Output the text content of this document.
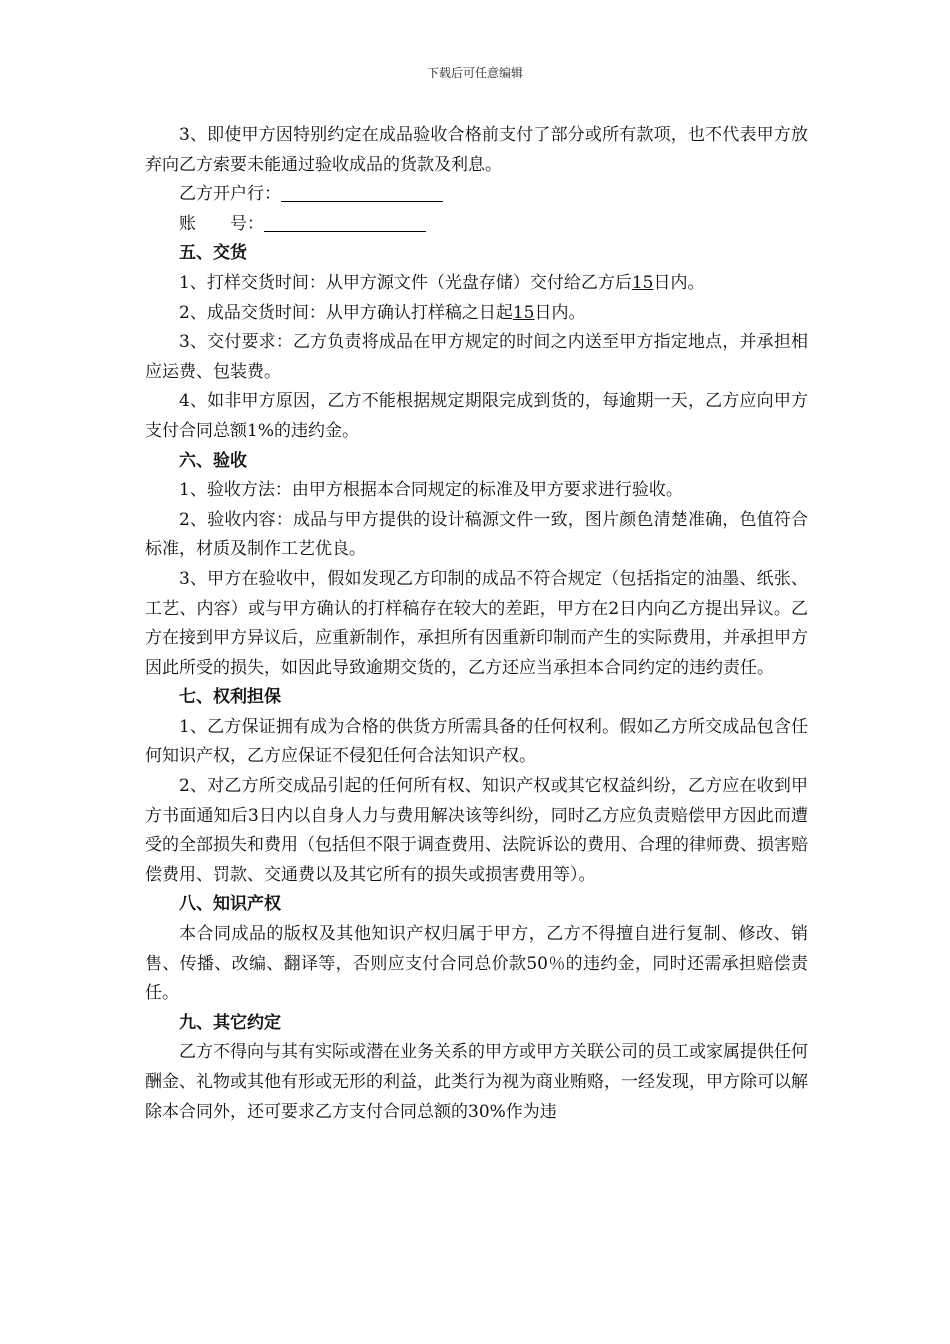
下载后可任意编辑

3、即使甲方因特别约定在成品验收合格前支付了部分或所有款项，也不代表甲方放弃向乙方索要未能通过验收成品的货款及利息。

乙方开户行：

账　　号：

五、交货

1、打样交货时间：从甲方源文件（光盘存储）交付给乙方后15日内。

2、成品交货时间：从甲方确认打样稿之日起15日内。

3、交付要求：乙方负责将成品在甲方规定的时间之内送至甲方指定地点，并承担相应运费、包装费。

4、如非甲方原因，乙方不能根据规定期限完成到货的，每逾期一天，乙方应向甲方支付合同总额1%的违约金。

六、验收

1、验收方法：由甲方根据本合同规定的标准及甲方要求进行验收。

2、验收内容：成品与甲方提供的设计稿源文件一致，图片颜色清楚准确，色值符合标准，材质及制作工艺优良。

3、甲方在验收中，假如发现乙方印制的成品不符合规定（包括指定的油墨、纸张、工艺、内容）或与甲方确认的打样稿存在较大的差距，甲方在2日内向乙方提出异议。乙方在接到甲方异议后，应重新制作，承担所有因重新印制而产生的实际费用，并承担甲方因此所受的损失，如因此导致逾期交货的，乙方还应当承担本合同约定的违约责任。

七、权利担保

1、乙方保证拥有成为合格的供货方所需具备的任何权利。假如乙方所交成品包含任何知识产权，乙方应保证不侵犯任何合法知识产权。

2、对乙方所交成品引起的任何所有权、知识产权或其它权益纠纷，乙方应在收到甲方书面通知后3日内以自身人力与费用解决该等纠纷，同时乙方应负责赔偿甲方因此而遭受的全部损失和费用（包括但不限于调查费用、法院诉讼的费用、合理的律师费、损害赔偿费用、罚款、交通费以及其它所有的损失或损害费用等）。

八、知识产权

本合同成品的版权及其他知识产权归属于甲方，乙方不得擅自进行复制、修改、销售、传播、改编、翻译等，否则应支付合同总价款50％的违约金，同时还需承担赔偿责任。

九、其它约定

乙方不得向与其有实际或潜在业务关系的甲方或甲方关联公司的员工或家属提供任何酬金、礼物或其他有形或无形的利益，此类行为视为商业贿赂，一经发现，甲方除可以解除本合同外，还可要求乙方支付合同总额的30%作为违
